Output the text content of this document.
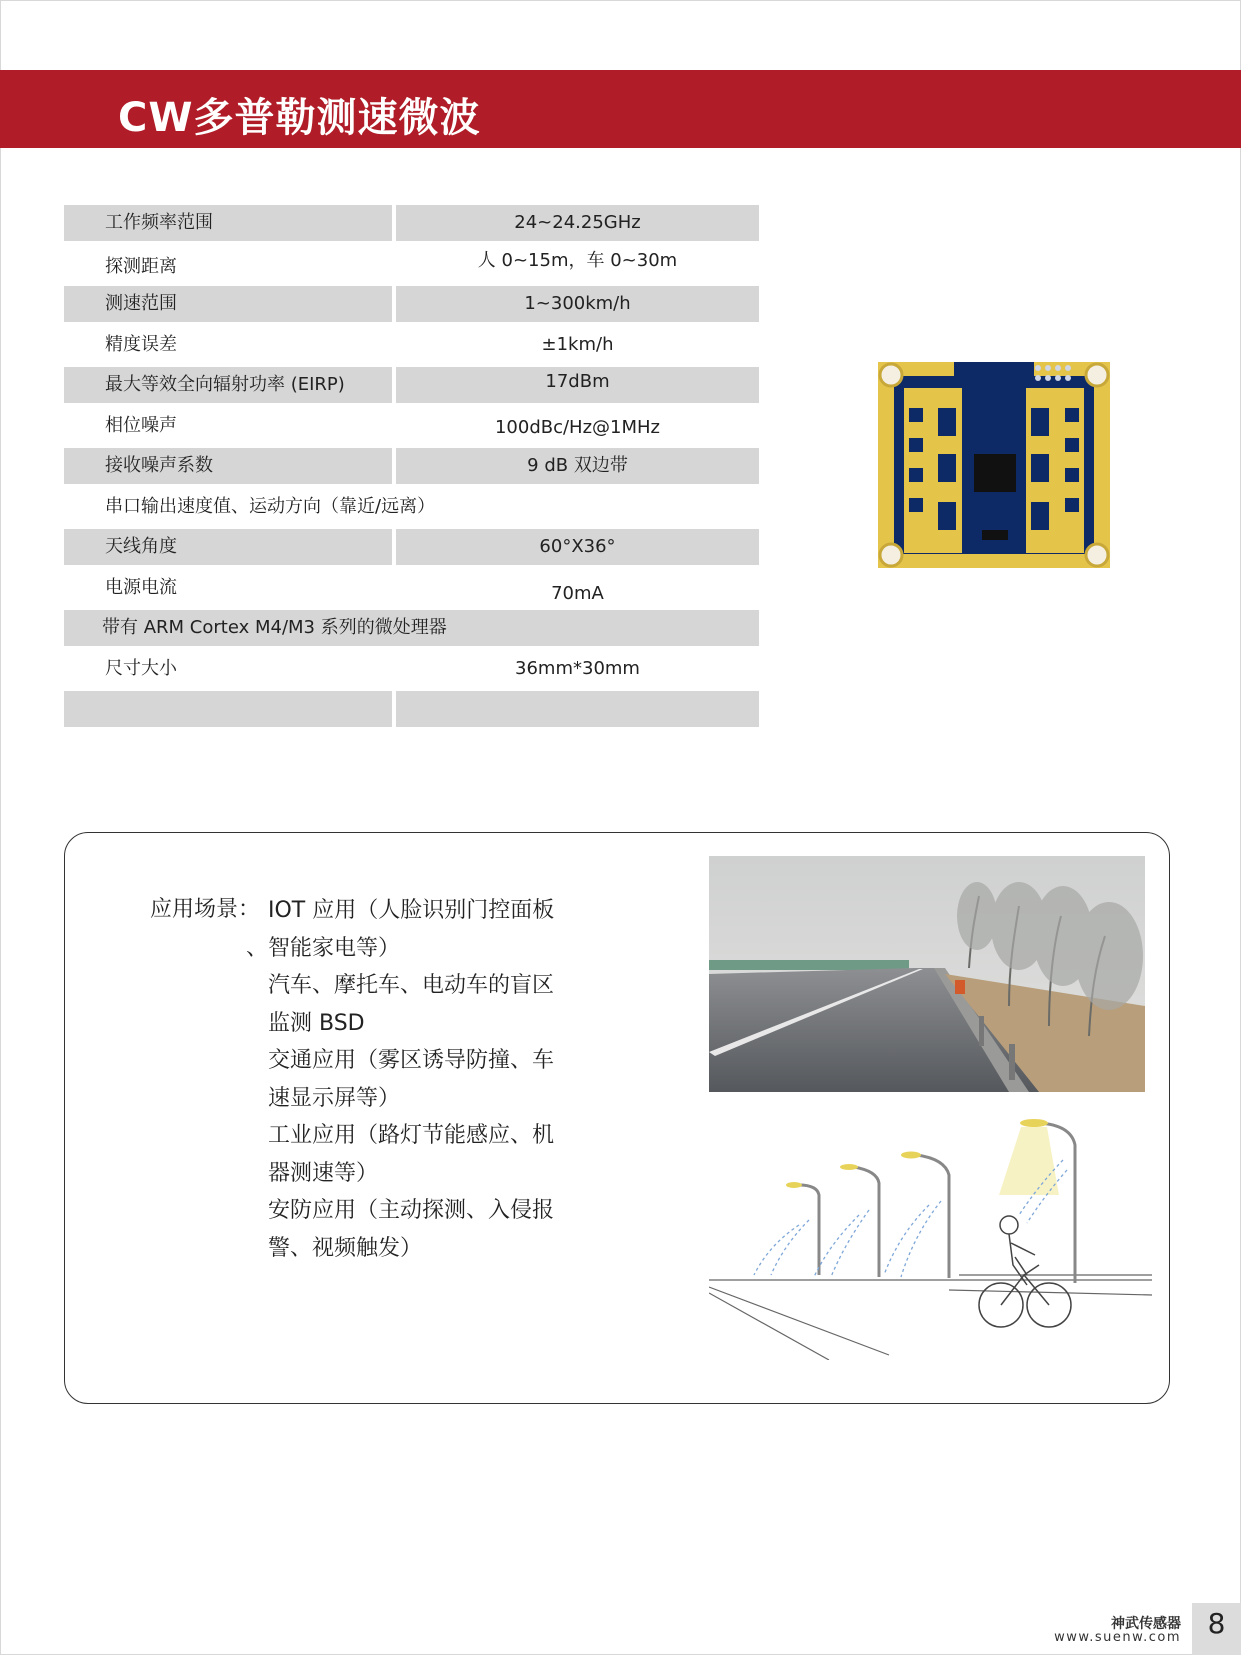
CW多普勒测速微波
工作频率范围	24~24.25GHz
探测距离	人 0~15m，车 0~30m
测速范围	1~300km/h
精度误差	±1km/h
最大等效全向辐射功率 (EIRP)	17dBm
相位噪声	100dBc/Hz@1MHz
接收噪声系数	9 dB 双边带
串口输出速度值、运动方向（靠近/远离）
天线角度	60°X36°
电源电流	70mA
带有 ARM Cortex M4/M3 系列的微处理器
尺寸大小	36mm*30mm
应用场景： IOT 应用（人脸识别门控面板
、智能家电等）
汽车、摩托车、电动车的盲区
监测 BSD
交通应用（雾区诱导防撞、车
速显示屏等）
工业应用（路灯节能感应、机
器测速等）
安防应用（主动探测、入侵报
警、视频触发）
神武传感器
www.suenw.com 8
